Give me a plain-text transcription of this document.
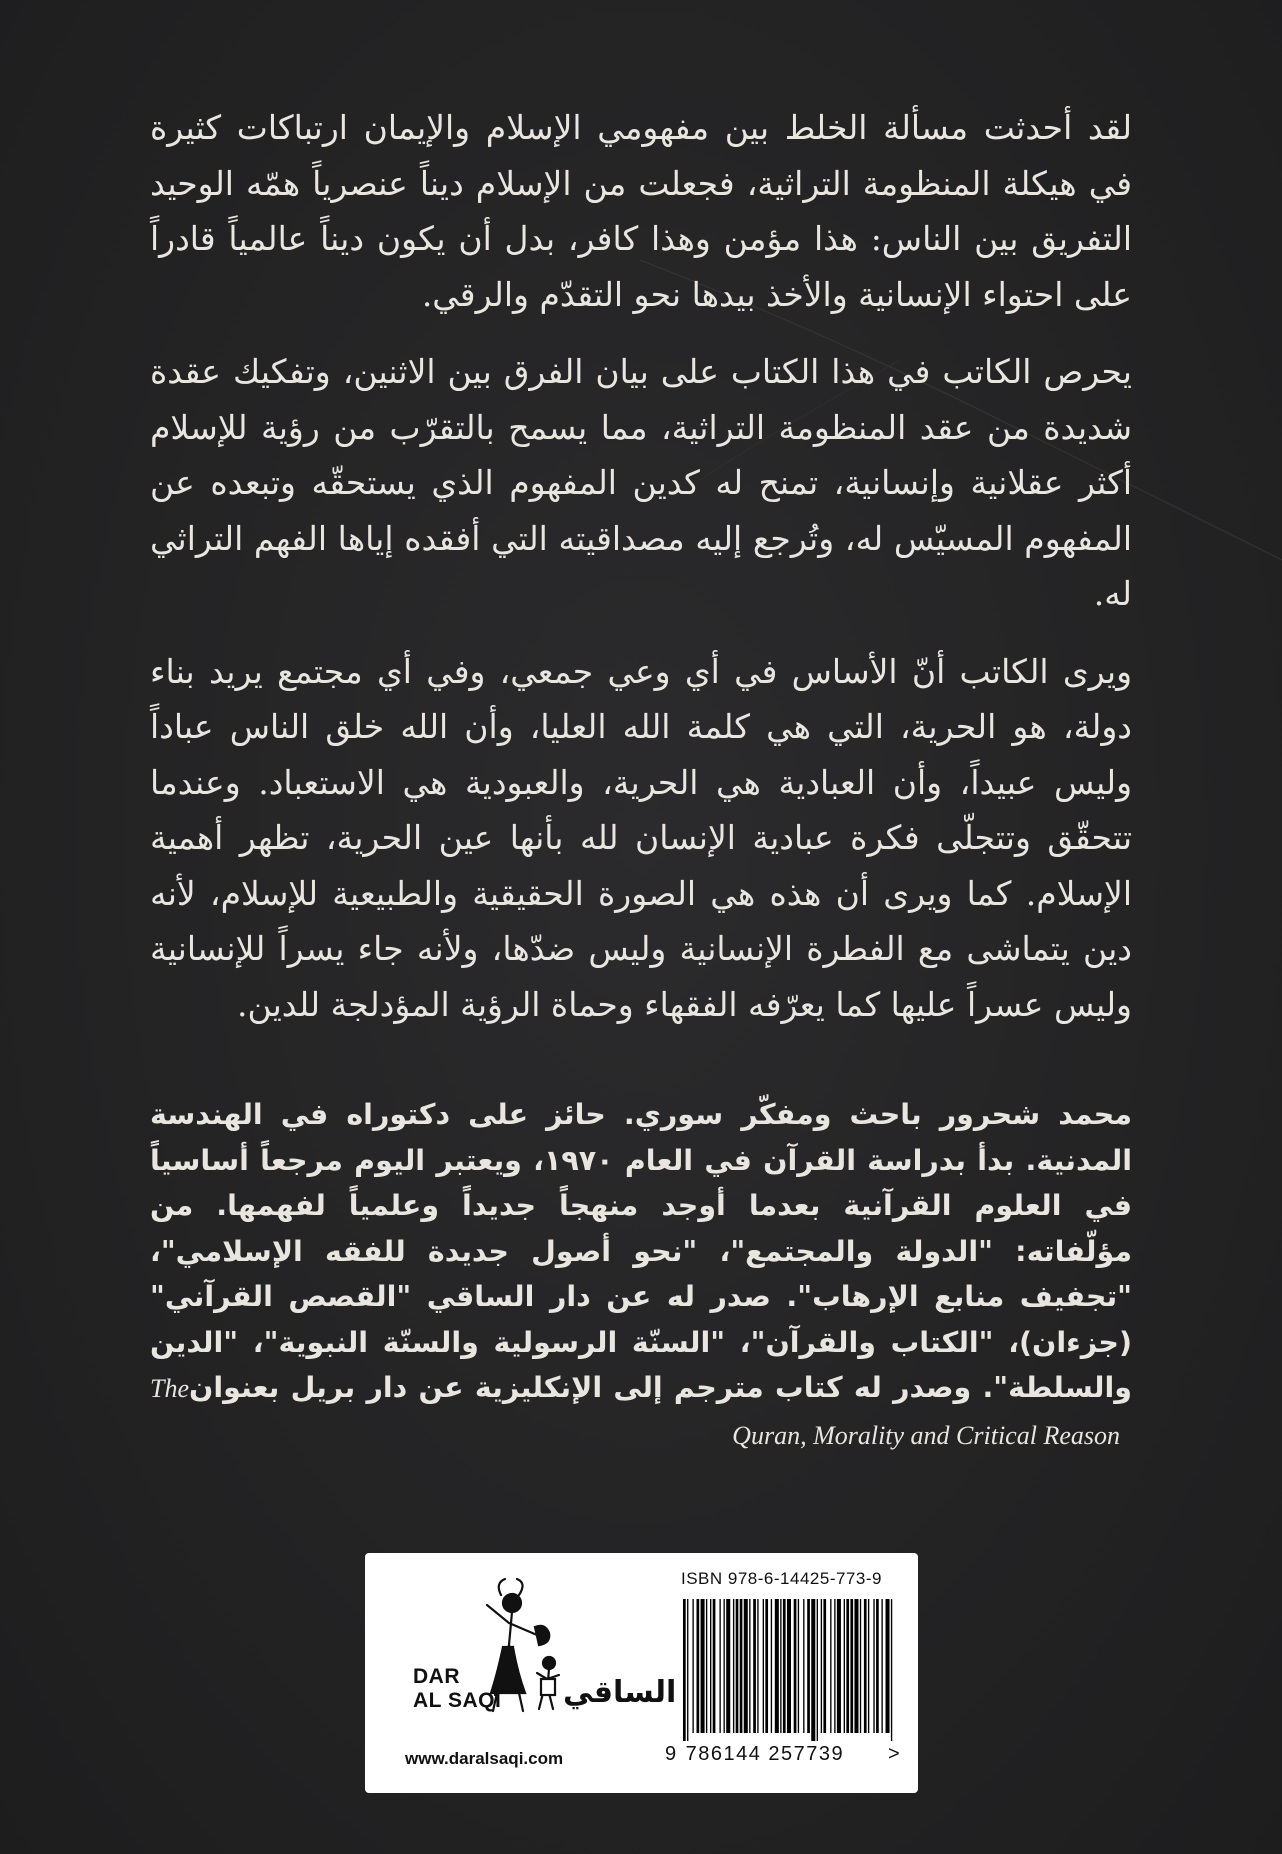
لقد أحدثت مسألة الخلط بين مفهومي الإسلام والإيمان ارتباكات كثيرة في هيكلة المنظومة التراثية، فجعلت من الإسلام ديناً عنصرياً همّه الوحيد التفريق بين الناس: هذا مؤمن وهذا كافر، بدل أن يكون ديناً عالمياً قادراً على احتواء الإنسانية والأخذ بيدها نحو التقدّم والرقي.

يحرص الكاتب في هذا الكتاب على بيان الفرق بين الاثنين، وتفكيك عقدة شديدة من عقد المنظومة التراثية، مما يسمح بالتقرّب من رؤية للإسلام أكثر عقلانية وإنسانية، تمنح له كدين المفهوم الذي يستحقّه وتبعده عن المفهوم المسيّس له، وتُرجع إليه مصداقيته التي أفقده إياها الفهم التراثي له.

ويرى الكاتب أنّ الأساس في أي وعي جمعي، وفي أي مجتمع يريد بناء دولة، هو الحرية، التي هي كلمة الله العليا، وأن الله خلق الناس عباداً وليس عبيداً، وأن العبادية هي الحرية، والعبودية هي الاستعباد. وعندما تتحقّق وتتجلّى فكرة عبادية الإنسان لله بأنها عين الحرية، تظهر أهمية الإسلام. كما ويرى أن هذه هي الصورة الحقيقية والطبيعية للإسلام، لأنه دين يتماشى مع الفطرة الإنسانية وليس ضدّها، ولأنه جاء يسراً للإنسانية وليس عسراً عليها كما يعرّفه الفقهاء وحماة الرؤية المؤدلجة للدين.

محمد شحرور باحث ومفكّر سوري. حائز على دكتوراه في الهندسة المدنية. بدأ بدراسة القرآن في العام ١٩٧٠، ويعتبر اليوم مرجعاً أساسياً في العلوم القرآنية بعدما أوجد منهجاً جديداً وعلمياً لفهمها. من مؤلّفاته: "الدولة والمجتمع"، "نحو أصول جديدة للفقه الإسلامي"، "تجفيف منابع الإرهاب". صدر له عن دار الساقي "القصص القرآني" (جزءان)، "الكتاب والقرآن"، "السنّة الرسولية والسنّة النبوية"، "الدين والسلطة". وصدر له كتاب مترجم إلى الإنكليزية عن دار بريل بعنوانThe Quran, Morality and Critical Reason

DAR
AL SAQI الساقي
www.daralsaqi.com
ISBN 978-6-14425-773-9
9 786144 257739 >
